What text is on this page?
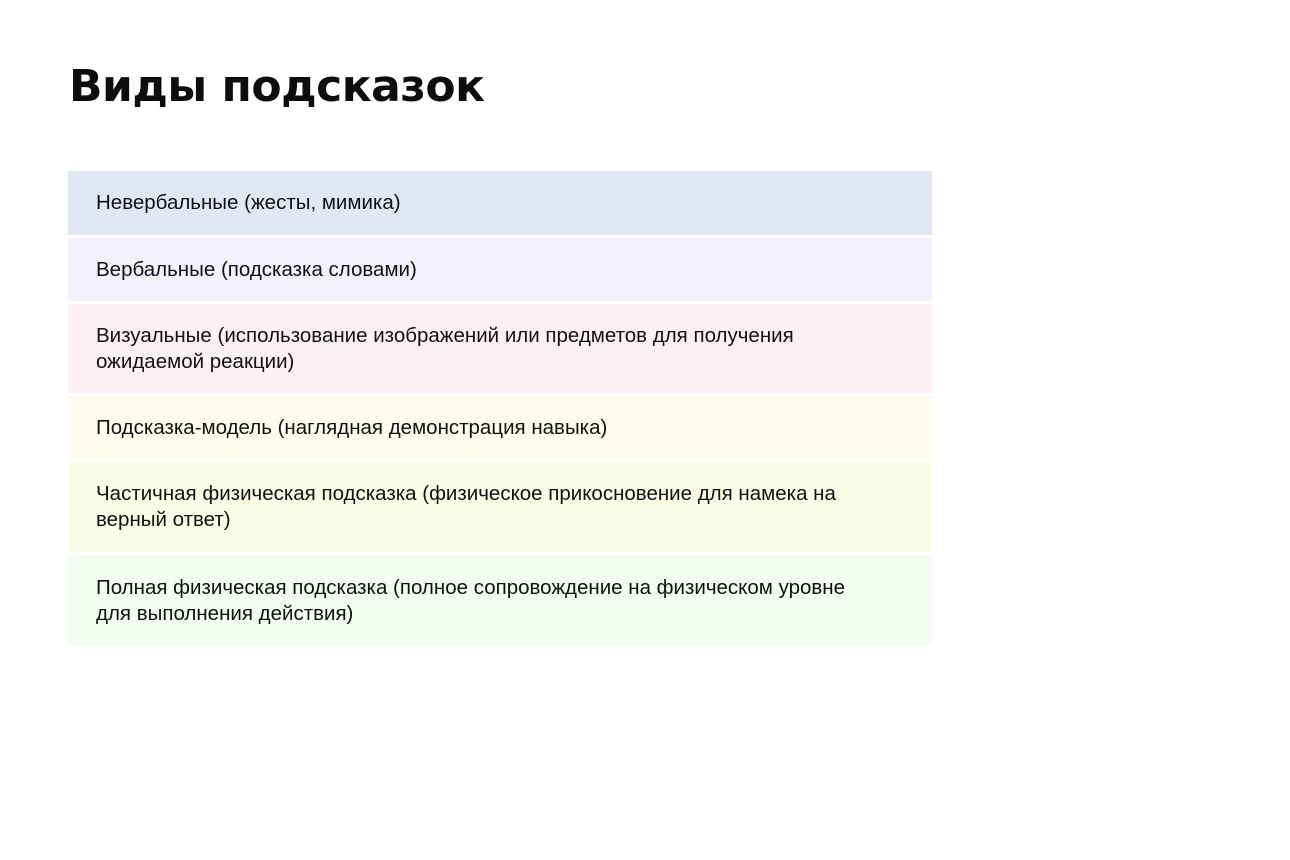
Виды подсказок
Невербальные (жесты, мимика)
Вербальные (подсказка словами)
Визуальные (использование изображений или предметов для получения ожидаемой реакции)
Подсказка-модель (наглядная демонстрация навыка)
Частичная физическая подсказка (физическое прикосновение для намека на верный ответ)
Полная физическая подсказка (полное сопровождение на физическом уровне для выполнения действия)
